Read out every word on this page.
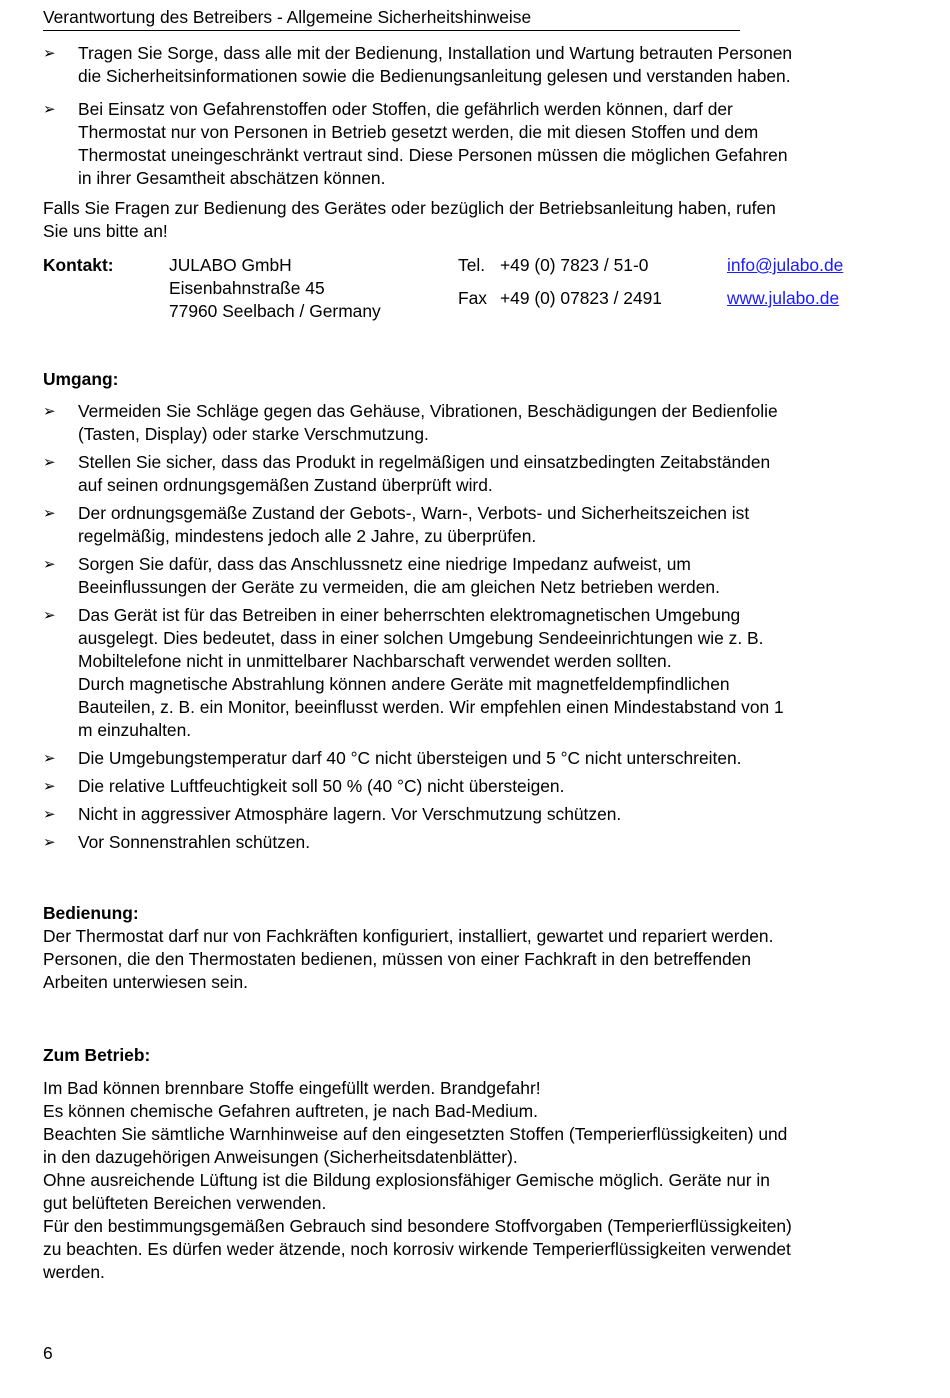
Verantwortung des Betreibers - Allgemeine Sicherheitshinweise
➢ Tragen Sie Sorge, dass alle mit der Bedienung, Installation und Wartung betrauten Personen
die Sicherheitsinformationen sowie die Bedienungsanleitung gelesen und verstanden haben.
➢ Bei Einsatz von Gefahrenstoffen oder Stoffen, die gefährlich werden können, darf der
Thermostat nur von Personen in Betrieb gesetzt werden, die mit diesen Stoffen und dem
Thermostat uneingeschränkt vertraut sind. Diese Personen müssen die möglichen Gefahren
in ihrer Gesamtheit abschätzen können.
Falls Sie Fragen zur Bedienung des Gerätes oder bezüglich der Betriebsanleitung haben, rufen
Sie uns bitte an!
Kontakt:	JULABO GmbH
Eisenbahnstraße 45
77960 Seelbach / Germany
Tel. +49 (0) 7823 / 51-0
Fax +49 (0) 07823 / 2491
info@julabo.de
www.julabo.de
Umgang:
➢ Vermeiden Sie Schläge gegen das Gehäuse, Vibrationen, Beschädigungen der Bedienfolie
(Tasten, Display) oder starke Verschmutzung.
➢ Stellen Sie sicher, dass das Produkt in regelmäßigen und einsatzbedingten Zeitabständen
auf seinen ordnungsgemäßen Zustand überprüft wird.
➢ Der ordnungsgemäße Zustand der Gebots-, Warn-, Verbots- und Sicherheitszeichen ist
regelmäßig, mindestens jedoch alle 2 Jahre, zu überprüfen.
➢ Sorgen Sie dafür, dass das Anschlussnetz eine niedrige Impedanz aufweist, um
Beeinflussungen der Geräte zu vermeiden, die am gleichen Netz betrieben werden.
➢ Das Gerät ist für das Betreiben in einer beherrschten elektromagnetischen Umgebung
ausgelegt. Dies bedeutet, dass in einer solchen Umgebung Sendeeinrichtungen wie z. B.
Mobiltelefone nicht in unmittelbarer Nachbarschaft verwendet werden sollten.
Durch magnetische Abstrahlung können andere Geräte mit magnetfeldempfindlichen
Bauteilen, z. B. ein Monitor, beeinflusst werden. Wir empfehlen einen Mindestabstand von 1
m einzuhalten.
➢ Die Umgebungstemperatur darf 40 °C nicht übersteigen und 5 °C nicht unterschreiten.
➢ Die relative Luftfeuchtigkeit soll 50 % (40 °C) nicht übersteigen.
➢ Nicht in aggressiver Atmosphäre lagern. Vor Verschmutzung schützen.
➢ Vor Sonnenstrahlen schützen.
Bedienung:
Der Thermostat darf nur von Fachkräften konfiguriert, installiert, gewartet und repariert werden.
Personen, die den Thermostaten bedienen, müssen von einer Fachkraft in den betreffenden
Arbeiten unterwiesen sein.
Zum Betrieb:
Im Bad können brennbare Stoffe eingefüllt werden. Brandgefahr!
Es können chemische Gefahren auftreten, je nach Bad-Medium.
Beachten Sie sämtliche Warnhinweise auf den eingesetzten Stoffen (Temperierflüssigkeiten) und
in den dazugehörigen Anweisungen (Sicherheitsdatenblätter).
Ohne ausreichende Lüftung ist die Bildung explosionsfähiger Gemische möglich. Geräte nur in
gut belüfteten Bereichen verwenden.
Für den bestimmungsgemäßen Gebrauch sind besondere Stoffvorgaben (Temperierflüssigkeiten)
zu beachten. Es dürfen weder ätzende, noch korrosiv wirkende Temperierflüssigkeiten verwendet
werden.
6
